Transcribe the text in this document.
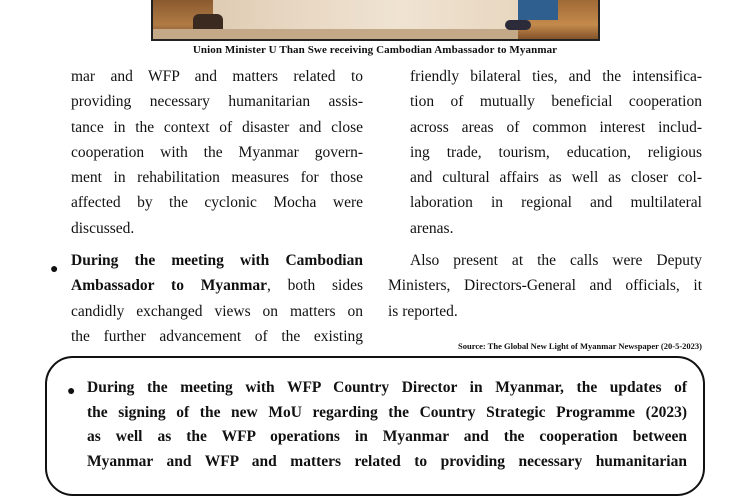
Union Minister U Than Swe receiving Cambodian Ambassador to Myanmar
mar and WFP and matters related to
providing necessary humanitarian assis-
tance in the context of disaster and close
cooperation with the Myanmar govern-
ment in rehabilitation measures for those
affected by the cyclonic Mocha were
discussed.
●
During the meeting with Cambodian
Ambassador to Myanmar, both sides
candidly exchanged views on matters on
the further advancement of the existing
friendly bilateral ties, and the intensifica-
tion of mutually beneficial cooperation
across areas of common interest includ-
ing trade, tourism, education, religious
and cultural affairs as well as closer col-
laboration in regional and multilateral
arenas.
Also present at the calls were Deputy
Ministers, Directors-General and officials, it
is reported.
Source: The Global New Light of Myanmar Newspaper (20-5-2023)
● During the meeting with WFP Country Director in Myanmar, the updates of
the signing of the new MoU regarding the Country Strategic Programme (2023)
as well as the WFP operations in Myanmar and the cooperation between
Myanmar and WFP and matters related to providing necessary humanitarian
